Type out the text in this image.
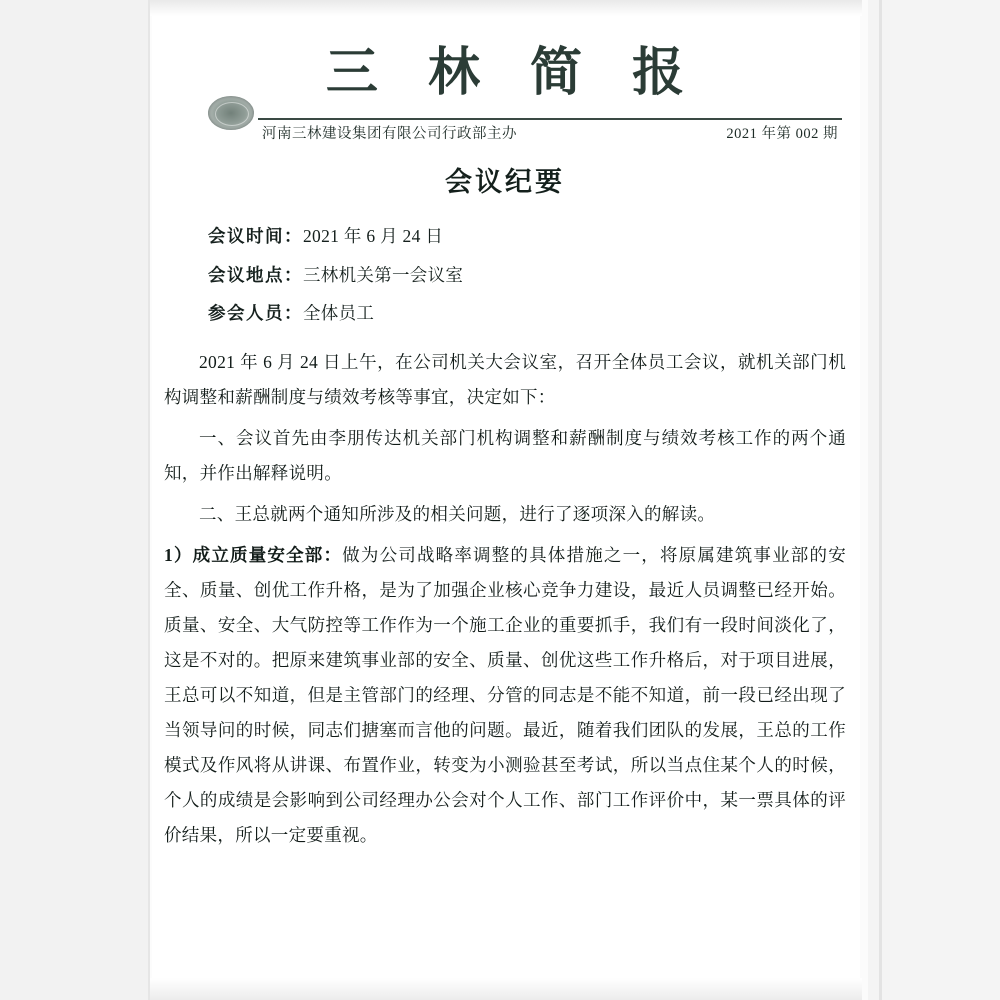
三 林 简 报
河南三林建设集团有限公司行政部主办	2021 年第 002 期
会议纪要
会议时间：2021 年 6 月 24 日
会议地点：三林机关第一会议室
参会人员：全体员工

2021 年 6 月 24 日上午，在公司机关大会议室，召开全体员工会议，就机关部门机构调整和薪酬制度与绩效考核等事宜，决定如下：

一、会议首先由李朋传达机关部门机构调整和薪酬制度与绩效考核工作的两个通知，并作出解释说明。

二、王总就两个通知所涉及的相关问题，进行了逐项深入的解读。

1）成立质量安全部：做为公司战略率调整的具体措施之一，将原属建筑事业部的安全、质量、创优工作升格，是为了加强企业核心竞争力建设，最近人员调整已经开始。质量、安全、大气防控等工作作为一个施工企业的重要抓手，我们有一段时间淡化了，这是不对的。把原来建筑事业部的安全、质量、创优这些工作升格后，对于项目进展，王总可以不知道，但是主管部门的经理、分管的同志是不能不知道，前一段已经出现了当领导问的时候，同志们搪塞而言他的问题。最近，随着我们团队的发展，王总的工作模式及作风将从讲课、布置作业，转变为小测验甚至考试，所以当点住某个人的时候，个人的成绩是会影响到公司经理办公会对个人工作、部门工作评价中，某一票具体的评价结果，所以一定要重视。
